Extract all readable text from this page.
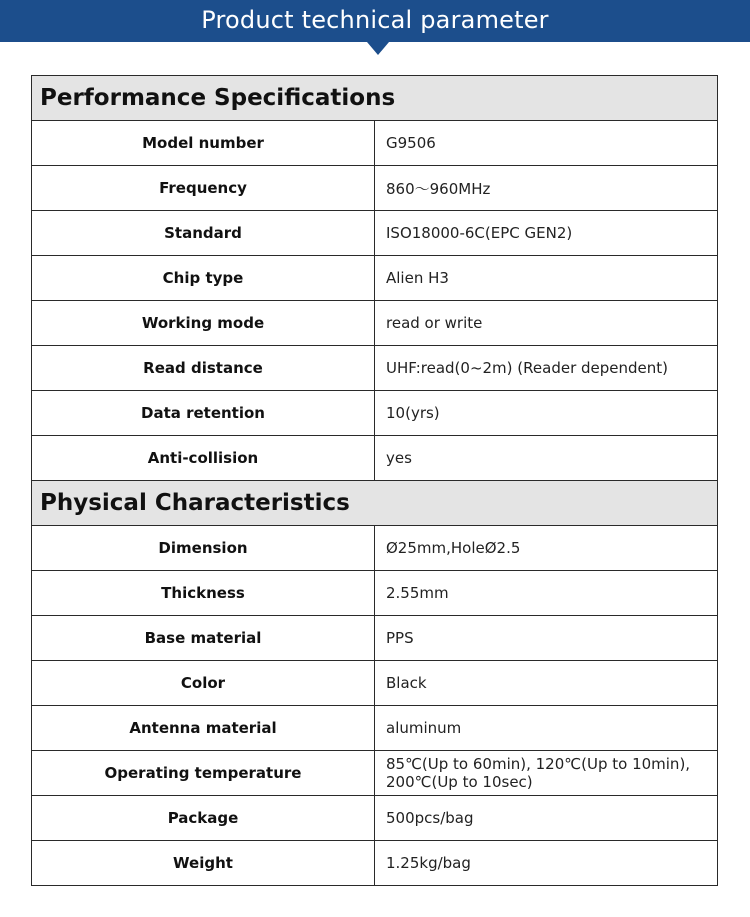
Product technical parameter
Performance Specifications	
Model number	G9506
Frequency	860～960MHz
Standard	ISO18000-6C(EPC GEN2)
Chip type	Alien H3
Working mode	read or write
Read distance	UHF:read(0~2m) (Reader dependent)
Data retention	10(yrs)
Anti-collision	yes
Physical Characteristics	
Dimension	Ø25mm,HoleØ2.5
Thickness	2.55mm
Base material	PPS
Color	Black
Antenna material	aluminum
Operating temperature	85℃(Up to 60min), 120℃(Up to 10min), 200℃(Up to 10sec)
Package	500pcs/bag
Weight	1.25kg/bag
